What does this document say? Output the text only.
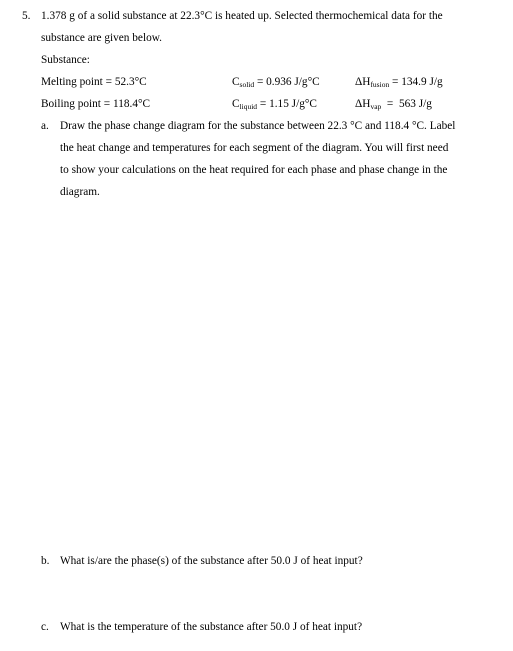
5. 1.378 g of a solid substance at 22.3°C is heated up. Selected thermochemical data for the
substance are given below.
Substance:
Melting point = 52.3°C	$C_{solid} = 0.936$ J/g°C	$\Delta H_{fusion} = 134.9$ J/g
Boiling point = 118.4°C	$C_{liquid} = 1.15$ J/g°C	$\Delta H_{vap} = 563$ J/g
a. Draw the phase change diagram for the substance between 22.3 °C and 118.4 °C. Label
the heat change and temperatures for each segment of the diagram. You will first need
to show your calculations on the heat required for each phase and phase change in the
diagram.
b. What is/are the phase(s) of the substance after 50.0 J of heat input?
c. What is the temperature of the substance after 50.0 J of heat input?
